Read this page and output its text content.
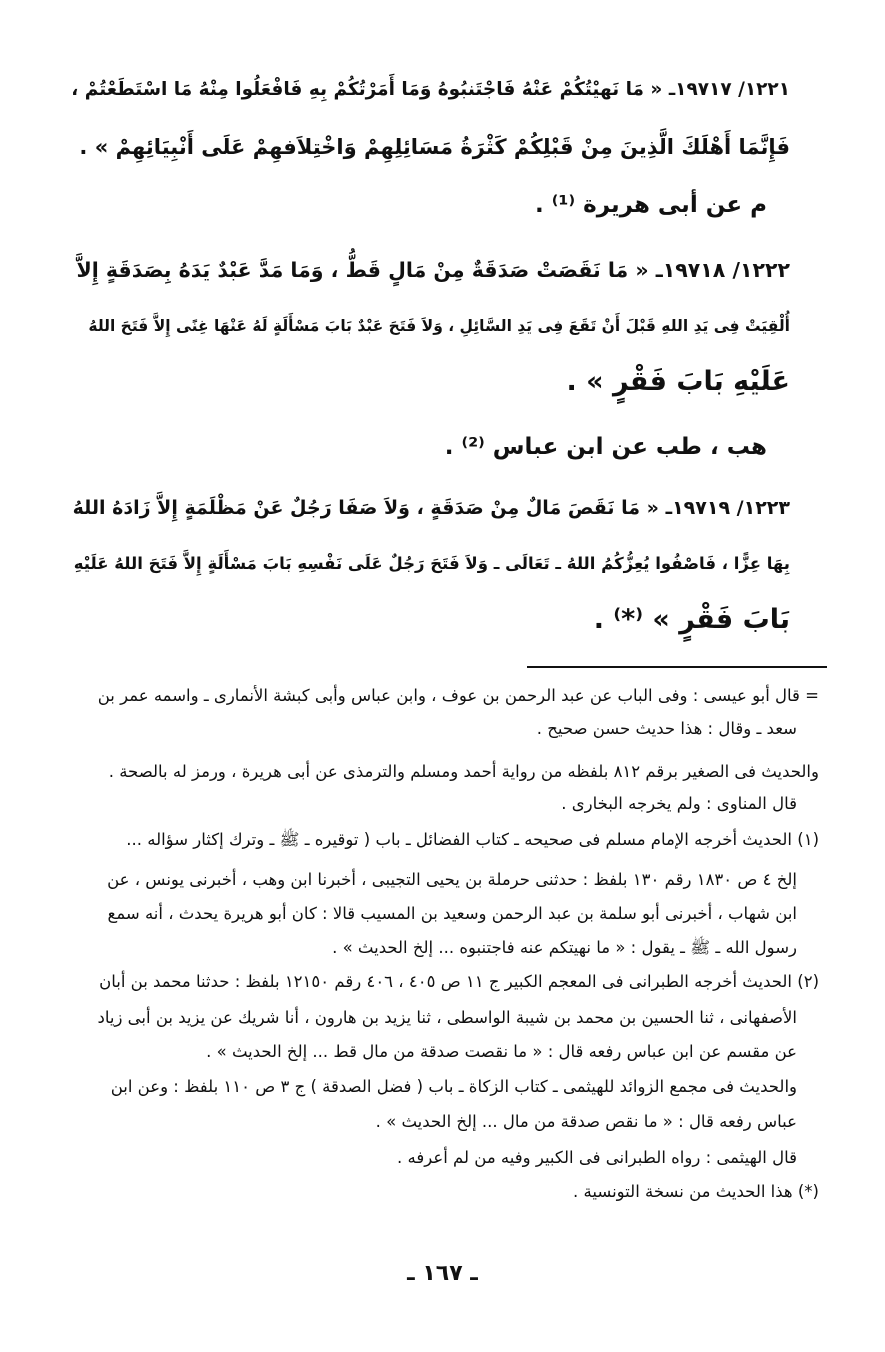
١٢٢١/ ١٩٧١٧ـ « مَا نَهيْتُكُمْ عَنْهُ فَاجْتَنبُوهُ وَمَا أَمَرْتُكُمْ بِهِ فَافْعَلُوا مِنْهُ مَا اسْتَطَعْتُمْ ،
فَإِنَّمَا أَهْلَكَ الَّذِينَ مِنْ قَبْلِكُمْ كَثْرَةُ مَسَائِلِهِمْ وَاخْتِلاَفهِمْ عَلَى أَنْبِيَائِهِمْ » .
م عن أبى هريرة ⁽¹⁾ .
١٢٢٢/ ١٩٧١٨ـ « مَا نَقَصَتْ صَدَقَةٌ مِنْ مَالٍ قَطُّ ، وَمَا مَدَّ عَبْدٌ يَدَهُ بِصَدَقَةٍ إِلاَّ
أُلْقِيَتْ فِى يَدِ اللهِ قَبْلَ أَنْ تَقَعَ فِى يَدِ السَّائِلِ ، وَلاَ فَتَحَ عَبْدٌ بَابَ مَسْأَلَةٍ لَهُ عَنْهَا غِنًى إِلاَّ فَتَحَ اللهُ
عَلَيْهِ بَابَ فَقْرٍ » .
هب ، طب عن ابن عباس ⁽²⁾ .
١٢٢٣/ ١٩٧١٩ـ « مَا نَقَصَ مَالٌ مِنْ صَدَقَةٍ ، وَلاَ صَفَا رَجُلٌ عَنْ مَظْلَمَةٍ إِلاَّ زَادَهُ اللهُ
بِهَا عِزًّا ، فَاصْفُوا يُعِزُّكُمُ اللهُ ـ تَعَالَى ـ وَلاَ فَتَحَ رَجُلٌ عَلَى نَفْسِهِ بَابَ مَسْأَلَةٍ إِلاَّ فَتَحَ اللهُ عَلَيْهِ
بَابَ فَقْرٍ » ⁽*⁾ .
= قال أبو عيسى : وفى الباب عن عبد الرحمن بن عوف ، وابن عباس وأبى كبشة الأنمارى ـ واسمه عمر بن
سعد ـ وقال : هذا حديث حسن صحيح .
والحديث فى الصغير برقم ٨١٢ بلفظه من رواية أحمد ومسلم والترمذى عن أبى هريرة ، ورمز له بالصحة .
قال المناوى : ولم يخرجه البخارى .
(١) الحديث أخرجه الإمام مسلم فى صحيحه ـ كتاب الفضائل ـ باب ( توقيره ـ ﷺ ـ وترك إكثار سؤاله ...
إلخ ٤ ص ١٨٣٠ رقم ١٣٠ بلفظ : حدثنى حرملة بن يحيى التجيبى ، أخبرنا ابن وهب ، أخبرنى يونس ، عن
ابن شهاب ، أخبرنى أبو سلمة بن عبد الرحمن وسعيد بن المسيب قالا : كان أبو هريرة يحدث ، أنه سمع
رسول الله ـ ﷺ ـ يقول : « ما نهيتكم عنه فاجتنبوه ... إلخ الحديث » .
(٢) الحديث أخرجه الطبرانى فى المعجم الكبير ج ١١ ص ٤٠٥ ، ٤٠٦ رقم ١٢١٥٠ بلفظ : حدثنا محمد بن أبان
الأصفهانى ، ثنا الحسين بن محمد بن شيبة الواسطى ، ثنا يزيد بن هارون ، أنا شريك عن يزيد بن أبى زياد
عن مقسم عن ابن عباس رفعه قال : « ما نقصت صدقة من مال قط ... إلخ الحديث » .
والحديث فى مجمع الزوائد للهيثمى ـ كتاب الزكاة ـ باب ( فضل الصدقة ) ج ٣ ص ١١٠ بلفظ : وعن ابن
عباس رفعه قال : « ما نقص صدقة من مال ... إلخ الحديث » .
قال الهيثمى : رواه الطبرانى فى الكبير وفيه من لم أعرفه .
(*) هذا الحديث من نسخة التونسية .
ـ ١٦٧ ـ
